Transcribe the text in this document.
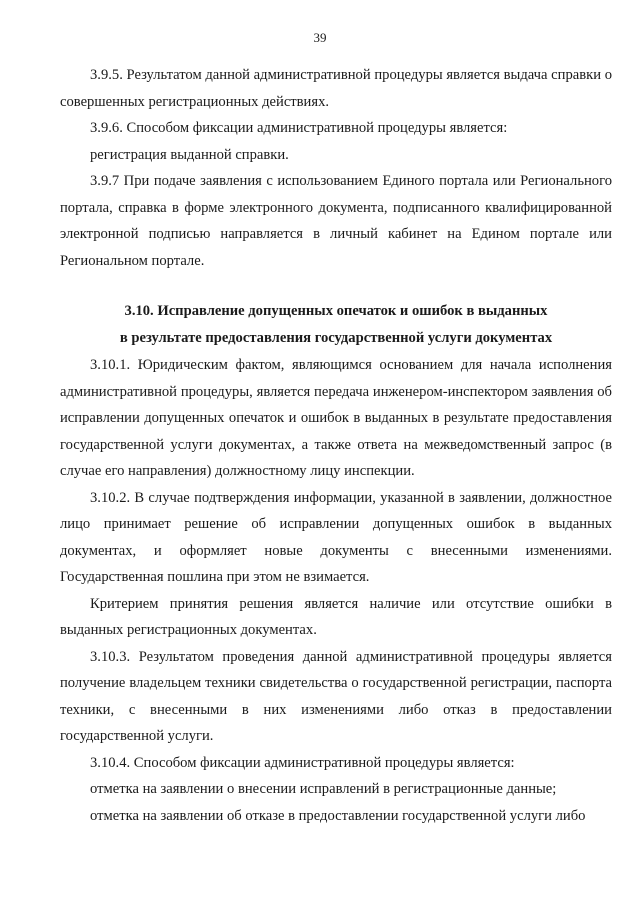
39

3.9.5. Результатом данной административной процедуры является выдача справки о совершенных регистрационных действиях.

3.9.6. Способом фиксации административной процедуры является:

регистрация выданной справки.

3.9.7 При подаче заявления с использованием Единого портала или Регионального портала, справка в форме электронного документа, подписанного квалифицированной электронной подписью направляется в личный кабинет на Едином портале или Региональном портале.

3.10. Исправление допущенных опечаток и ошибок в выданных
в результате предоставления государственной услуги документах

3.10.1. Юридическим фактом, являющимся основанием для начала исполнения административной процедуры, является передача инженером-инспектором заявления об исправлении допущенных опечаток и ошибок в выданных в результате предоставления государственной услуги документах, а также ответа на межведомственный запрос (в случае его направления) должностному лицу инспекции.

3.10.2. В случае подтверждения информации, указанной в заявлении, должностное лицо принимает решение об исправлении допущенных ошибок в выданных документах, и оформляет новые документы с внесенными изменениями. Государственная пошлина при этом не взимается.

Критерием принятия решения является наличие или отсутствие ошибки в выданных регистрационных документах.

3.10.3. Результатом проведения данной административной процедуры является получение владельцем техники свидетельства о государственной регистрации, паспорта техники, с внесенными в них изменениями либо отказ в предоставлении государственной услуги.

3.10.4. Способом фиксации административной процедуры является:

отметка на заявлении о внесении исправлений в регистрационные данные;

отметка на заявлении об отказе в предоставлении государственной услуги либо
